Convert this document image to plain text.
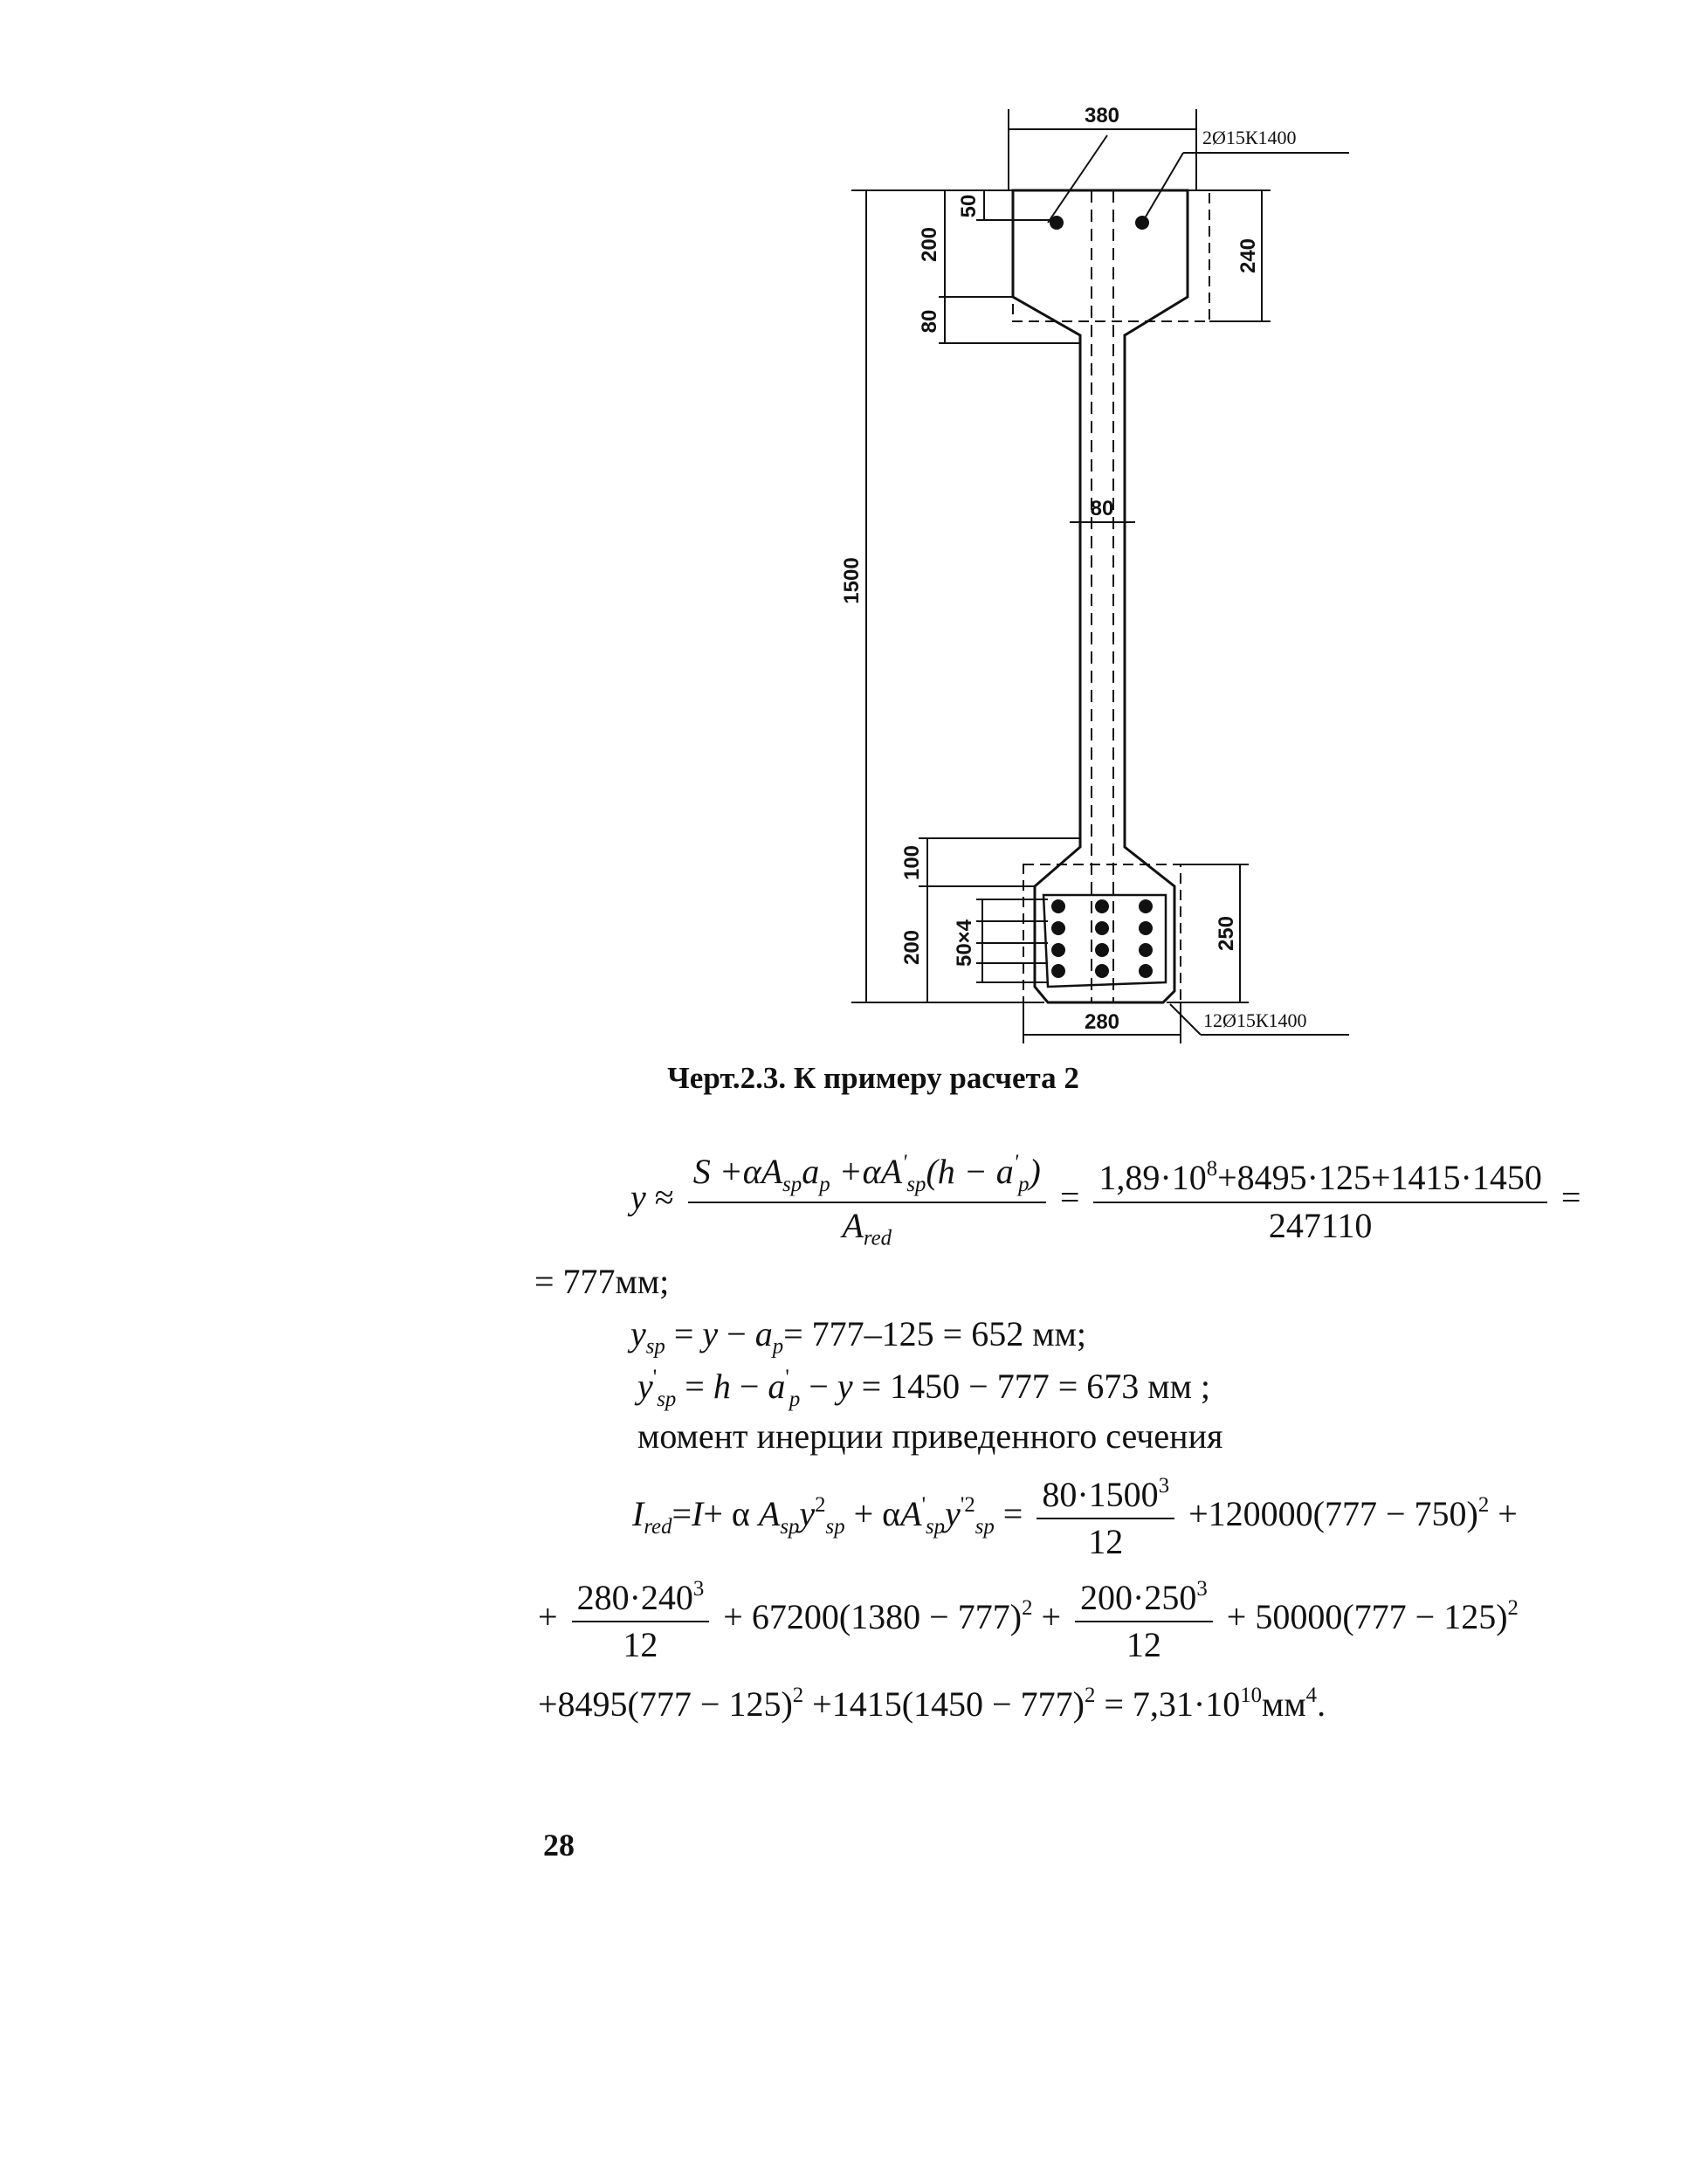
380
200
50
240
80
80
1500
100
200 50×4	250
280
2Ø15К1400
12Ø15К1400
Черт.2.3. К примеру расчета 2
$y \approx \frac{S +\alpha A_{sp}a_p +\alpha A'_{sp}(h - a'_p)}{A_{red}} = \frac{1,89\cdot 10^8+8495\cdot 125+1415\cdot 1450}{247110}$ =
= 777мм;
$y_{sp} = y - a_p= 777-125 = 652$ мм;
$y'_{sp} = h - a'_p - y = 1450 - 777 = 673$ мм ;
момент инерции приведенного сечения
$I_{red}=I+ \alpha$ $A_{sp}y^2_{sp} + \alpha A'_{sp}y^{'2}_{sp} = \frac{80\cdot 1500^3}{12} +120000(777 - 750)^2$ +
+ $\frac{280\cdot 240^3}{12} + 67200(1380 - 777)^2 + \frac{200\cdot 250^3}{12} + 50000(777 - 125)^2$
$+8495(777 - 125)^2 +1415(1450 - 777)^2 = 7,31\cdot 10^{10}мм^4$.
28
